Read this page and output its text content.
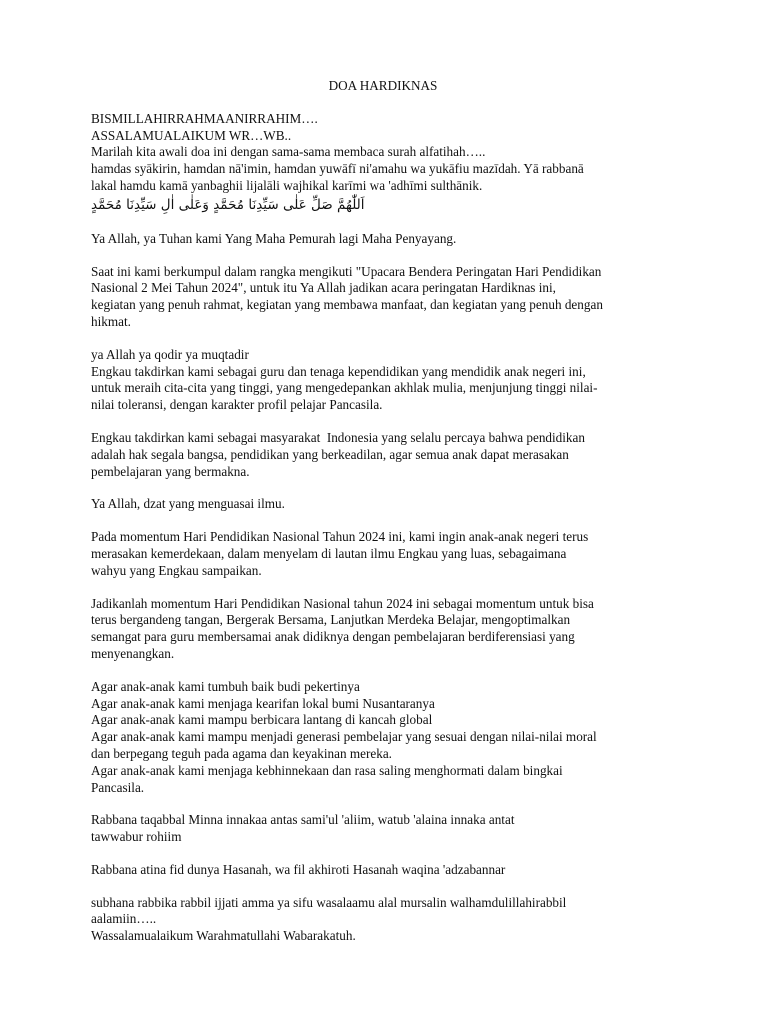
DOA HARDIKNAS
BISMILLAHIRRAHMAANIRRAHIM….
ASSALAMUALAIKUM WR…WB..
Marilah kita awali doa ini dengan sama-sama membaca surah alfatihah…..
hamdas syākirin, hamdan nā'imin, hamdan yuwāfī ni'amahu wa yukāfiu mazīdah. Yā rabbanā
lakal hamdu kamā yanbaghii lijalāli wajhikal karīmi wa 'adhīmi sulthānik.
اَللّٰهُمَّ صَلِّ عَلٰى سَيِّدِنَا مُحَمَّدٍ وَعَلٰى اٰلِ سَيِّدِنَا مُحَمَّدٍ
Ya Allah, ya Tuhan kami Yang Maha Pemurah lagi Maha Penyayang.
Saat ini kami berkumpul dalam rangka mengikuti "Upacara Bendera Peringatan Hari Pendidikan
Nasional 2 Mei Tahun 2024", untuk itu Ya Allah jadikan acara peringatan Hardiknas ini,
kegiatan yang penuh rahmat, kegiatan yang membawa manfaat, dan kegiatan yang penuh dengan
hikmat.
ya Allah ya qodir ya muqtadir
Engkau takdirkan kami sebagai guru dan tenaga kependidikan yang mendidik anak negeri ini,
untuk meraih cita-cita yang tinggi, yang mengedepankan akhlak mulia, menjunjung tinggi nilai-
nilai toleransi, dengan karakter profil pelajar Pancasila.
Engkau takdirkan kami sebagai masyarakat  Indonesia yang selalu percaya bahwa pendidikan
adalah hak segala bangsa, pendidikan yang berkeadilan, agar semua anak dapat merasakan
pembelajaran yang bermakna.
Ya Allah, dzat yang menguasai ilmu.
Pada momentum Hari Pendidikan Nasional Tahun 2024 ini, kami ingin anak-anak negeri terus
merasakan kemerdekaan, dalam menyelam di lautan ilmu Engkau yang luas, sebagaimana
wahyu yang Engkau sampaikan.
Jadikanlah momentum Hari Pendidikan Nasional tahun 2024 ini sebagai momentum untuk bisa
terus bergandeng tangan, Bergerak Bersama, Lanjutkan Merdeka Belajar, mengoptimalkan
semangat para guru membersamai anak didiknya dengan pembelajaran berdiferensiasi yang
menyenangkan.
Agar anak-anak kami tumbuh baik budi pekertinya
Agar anak-anak kami menjaga kearifan lokal bumi Nusantaranya
Agar anak-anak kami mampu berbicara lantang di kancah global
Agar anak-anak kami mampu menjadi generasi pembelajar yang sesuai dengan nilai-nilai moral
dan berpegang teguh pada agama dan keyakinan mereka.
Agar anak-anak kami menjaga kebhinnekaan dan rasa saling menghormati dalam bingkai
Pancasila.
Rabbana taqabbal Minna innakaa antas sami'ul 'aliim, watub 'alaina innaka antat
tawwabur rohiim
Rabbana atina fid dunya Hasanah, wa fil akhiroti Hasanah waqina 'adzabannar
subhana rabbika rabbil ijjati amma ya sifu wasalaamu alal mursalin walhamdulillahirabbil
aalamiin…..
Wassalamualaikum Warahmatullahi Wabarakatuh.
